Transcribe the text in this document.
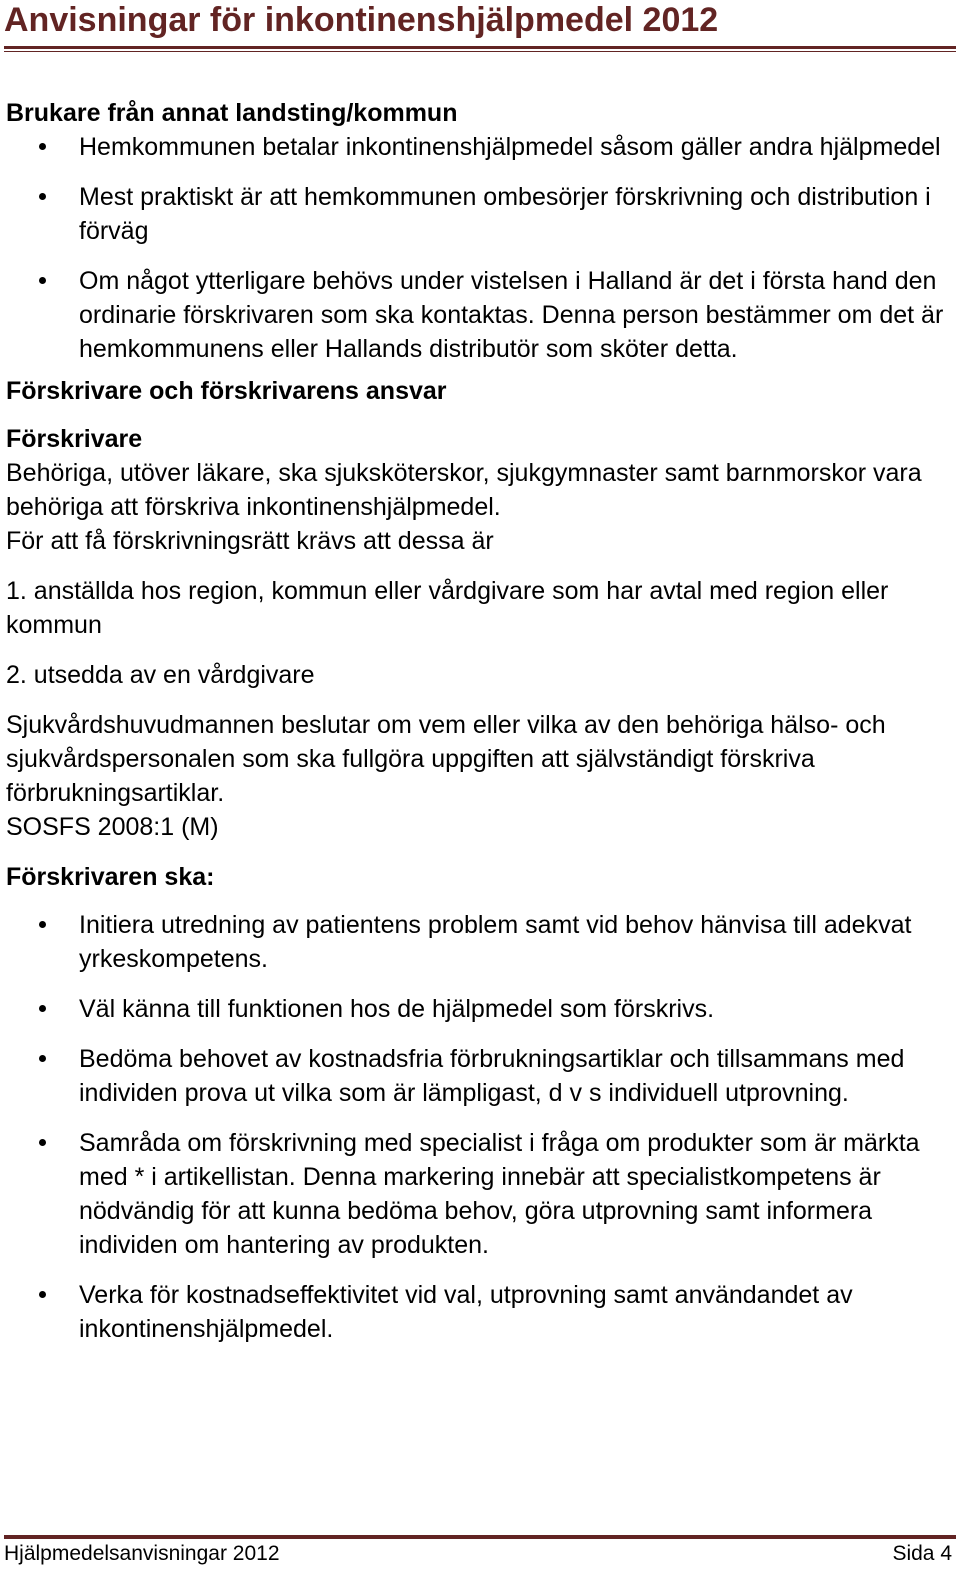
Anvisningar för inkontinenshjälpmedel 2012

Brukare från annat landsting/kommun

Hemkommunen betalar inkontinenshjälpmedel såsom gäller andra hjälpmedel
Mest praktiskt är att hemkommunen ombesörjer förskrivning och distribution i förväg
Om något ytterligare behövs under vistelsen i Halland är det i första hand den ordinarie förskrivaren som ska kontaktas. Denna person bestämmer om det är hemkommunens eller Hallands distributör som sköter detta.

Förskrivare och förskrivarens ansvar

Förskrivare

Behöriga, utöver läkare, ska sjuksköterskor, sjukgymnaster samt barnmorskor vara behöriga att förskriva inkontinenshjälpmedel.

För att få förskrivningsrätt krävs att dessa är

1. anställda hos region, kommun eller vårdgivare som har avtal med region eller kommun

2. utsedda av en vårdgivare

Sjukvårdshuvudmannen beslutar om vem eller vilka av den behöriga hälso- och sjukvårdspersonalen som ska fullgöra uppgiften att självständigt förskriva förbrukningsartiklar.

SOSFS 2008:1 (M)

Förskrivaren ska:

Initiera utredning av patientens problem samt vid behov hänvisa till adekvat yrkeskompetens.
Väl känna till funktionen hos de hjälpmedel som förskrivs.
Bedöma behovet av kostnadsfria förbrukningsartiklar och tillsammans med individen prova ut vilka som är lämpligast, d v s individuell utprovning.
Samråda om förskrivning med specialist i fråga om produkter som är märkta med * i artikellistan. Denna markering innebär att specialistkompetens är nödvändig för att kunna bedöma behov, göra utprovning samt informera individen om hantering av produkten.
Verka för kostnadseffektivitet vid val, utprovning samt användandet av inkontinenshjälpmedel.
Hjälpmedelsanvisningar 2012	Sida 4
